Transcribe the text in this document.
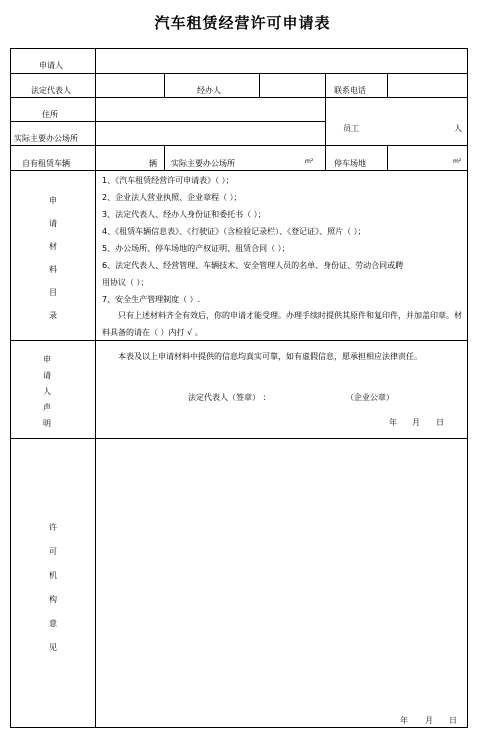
汽车租赁经营许可申请表
申请人
法定代表人	经办人	联系电话
住所
实际主要办公场所
员工	人
自有租赁车辆	辆 实际主要办公场所	m²	停车场地	m²
申
请
材
料
目
录
1、《汽车租赁经营许可申请表》（ ）；
2、企业法人营业执照、企业章程（ ）；
3、法定代表人、经办人身份证和委托书（ ）；
4、《租赁车辆信息表》、《行驶证》（含检验记录栏）、《登记证》、照片（ ）；
5、办公场所、停车场地的产权证明、租赁合同（ ）；
6、法定代表人、经营管理、车辆技术、安全管理人员的名单、身份证、劳动合同或聘
用协议（ ）；
7、安全生产管理制度（ ）.
只有上述材料齐全有效后，你的申请才能受理。办理手续时提供其原件和复印件，并加盖印章。材料具备的请在（ ）内打 √ 。
申
请
人
声
明
本表及以上申请材料中提供的信息均真实可靠，如有虚假信息，愿承担相应法律责任。
法定代表人（签章） ：	（企业公章）
年 月 日
许
可
机
构
意
见
年 月 日
